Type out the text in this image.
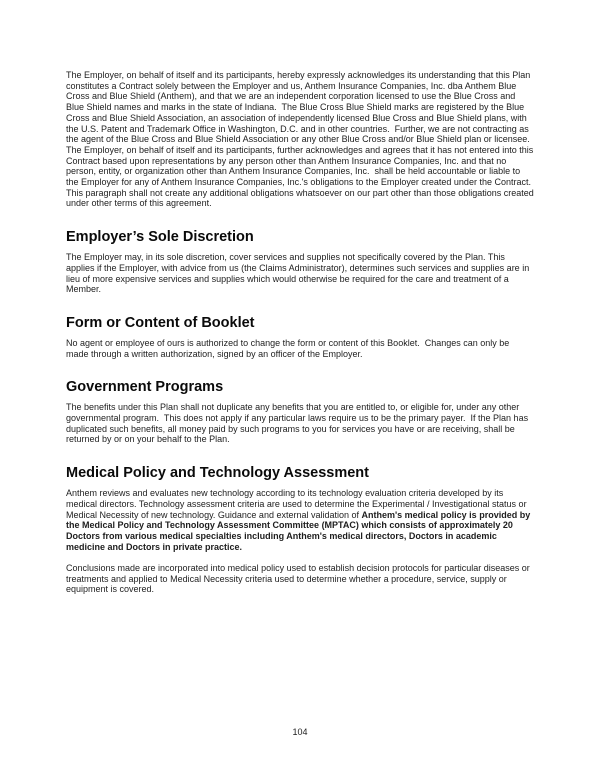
The Employer, on behalf of itself and its participants, hereby expressly acknowledges its understanding that this Plan constitutes a Contract solely between the Employer and us, Anthem Insurance Companies, Inc. dba Anthem Blue Cross and Blue Shield (Anthem), and that we are an independent corporation licensed to use the Blue Cross and Blue Shield names and marks in the state of Indiana.  The Blue Cross Blue Shield marks are registered by the Blue Cross and Blue Shield Association, an association of independently licensed Blue Cross and Blue Shield plans, with the U.S. Patent and Trademark Office in Washington, D.C. and in other countries.  Further, we are not contracting as the agent of the Blue Cross and Blue Shield Association or any other Blue Cross and/or Blue Shield plan or licensee.  The Employer, on behalf of itself and its participants, further acknowledges and agrees that it has not entered into this Contract based upon representations by any person other than Anthem Insurance Companies, Inc. and that no person, entity, or organization other than Anthem Insurance Companies, Inc.  shall be held accountable or liable to the Employer for any of Anthem Insurance Companies, Inc.'s obligations to the Employer created under the Contract. This paragraph shall not create any additional obligations whatsoever on our part other than those obligations created under other terms of this agreement.

Employer’s Sole Discretion

The Employer may, in its sole discretion, cover services and supplies not specifically covered by the Plan. This applies if the Employer, with advice from us (the Claims Administrator), determines such services and supplies are in lieu of more expensive services and supplies which would otherwise be required for the care and treatment of a Member.

Form or Content of Booklet

No agent or employee of ours is authorized to change the form or content of this Booklet.  Changes can only be made through a written authorization, signed by an officer of the Employer.

Government Programs

The benefits under this Plan shall not duplicate any benefits that you are entitled to, or eligible for, under any other governmental program.  This does not apply if any particular laws require us to be the primary payer.  If the Plan has duplicated such benefits, all money paid by such programs to you for services you have or are receiving, shall be returned by or on your behalf to the Plan.

Medical Policy and Technology Assessment

Anthem reviews and evaluates new technology according to its technology evaluation criteria developed by its medical directors. Technology assessment criteria are used to determine the Experimental / Investigational status or Medical Necessity of new technology. Guidance and external validation of Anthem's medical policy is provided by the Medical Policy and Technology Assessment Committee (MPTAC) which consists of approximately 20 Doctors from various medical specialties including Anthem's medical directors, Doctors in academic medicine and Doctors in private practice.

Conclusions made are incorporated into medical policy used to establish decision protocols for particular diseases or treatments and applied to Medical Necessity criteria used to determine whether a procedure, service, supply or equipment is covered.

104
